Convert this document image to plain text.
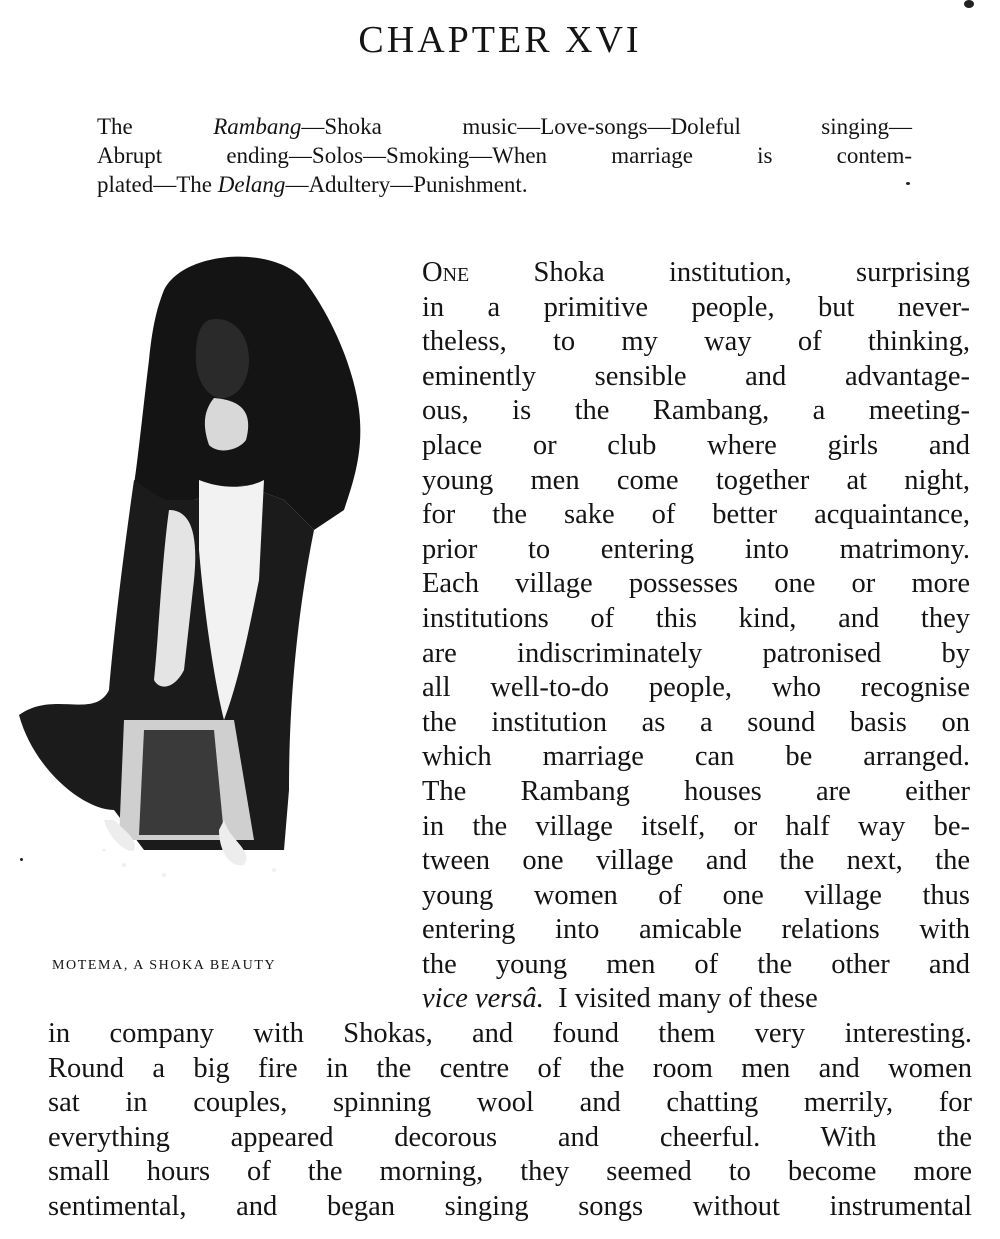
CHAPTER XVI
The Rambang—Shoka music—Love-songs—Doleful singing—
Abrupt ending—Solos—Smoking—When marriage is contem-
plated—The Delang—Adultery—Punishment.
MOTEMA, A SHOKA BEAUTY
One Shoka institution, surprising
in a primitive people, but never-
theless, to my way of thinking,
eminently sensible and advantage-
ous, is the Rambang, a meeting-
place or club where girls and
young men come together at night,
for the sake of better acquaintance,
prior to entering into matrimony.
Each village possesses one or more
institutions of this kind, and they
are indiscriminately patronised by
all well-to-do people, who recognise
the institution as a sound basis on
which marriage can be arranged.
The Rambang houses are either
in the village itself, or half way be-
tween one village and the next, the
young women of one village thus
entering into amicable relations with
the young men of the other and
vice versâ.  I visited many of these
in company with Shokas, and found them very interesting.
Round a big fire in the centre of the room men and women
sat in couples, spinning wool and chatting merrily, for
everything appeared decorous and cheerful. With the
small hours of the morning, they seemed to become more
sentimental, and began singing songs without instrumental
